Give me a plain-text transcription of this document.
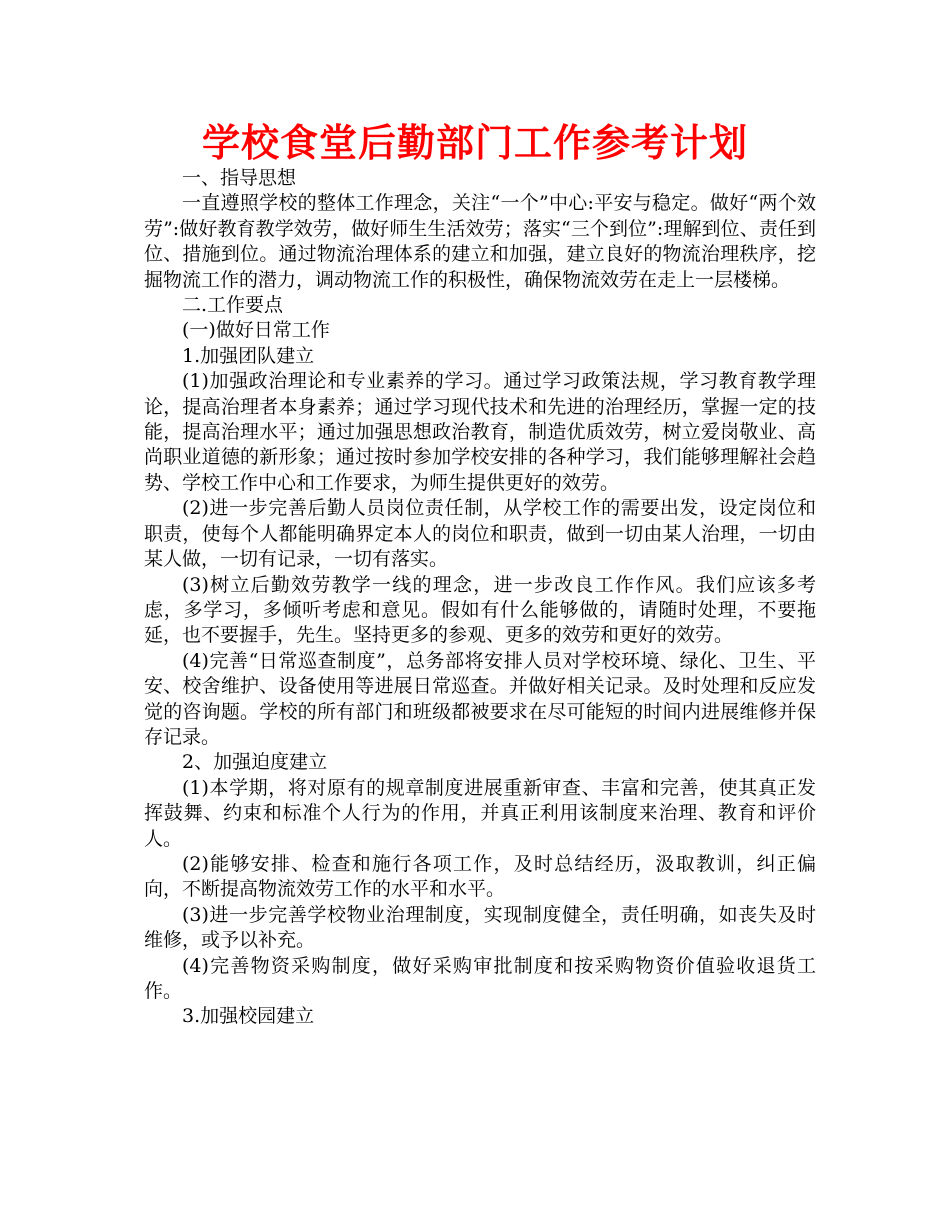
学校食堂后勤部门工作参考计划

一、指导思想

一直遵照学校的整体工作理念，关注“一个”中心:平安与稳定。做好“两个效劳”:做好教育教学效劳，做好师生生活效劳；落实“三个到位”:理解到位、责任到位、措施到位。通过物流治理体系的建立和加强，建立良好的物流治理秩序，挖掘物流工作的潜力，调动物流工作的积极性，确保物流效劳在走上一层楼梯。

二.工作要点

(一)做好日常工作

1.加强团队建立

(1)加强政治理论和专业素养的学习。通过学习政策法规，学习教育教学理论，提高治理者本身素养；通过学习现代技术和先进的治理经历，掌握一定的技能，提高治理水平；通过加强思想政治教育，制造优质效劳，树立爱岗敬业、高尚职业道德的新形象；通过按时参加学校安排的各种学习，我们能够理解社会趋势、学校工作中心和工作要求，为师生提供更好的效劳。

(2)进一步完善后勤人员岗位责任制，从学校工作的需要出发，设定岗位和职责，使每个人都能明确界定本人的岗位和职责，做到一切由某人治理，一切由某人做，一切有记录，一切有落实。

(3)树立后勤效劳教学一线的理念，进一步改良工作作风。我们应该多考虑，多学习，多倾听考虑和意见。假如有什么能够做的，请随时处理，不要拖延，也不要握手，先生。坚持更多的参观、更多的效劳和更好的效劳。

(4)完善“日常巡查制度”，总务部将安排人员对学校环境、绿化、卫生、平安、校舍维护、设备使用等进展日常巡查。并做好相关记录。及时处理和反应发觉的咨询题。学校的所有部门和班级都被要求在尽可能短的时间内进展维修并保存记录。

2、加强迫度建立

(1)本学期，将对原有的规章制度进展重新审查、丰富和完善，使其真正发挥鼓舞、约束和标准个人行为的作用，并真正利用该制度来治理、教育和评价人。

(2)能够安排、检查和施行各项工作，及时总结经历，汲取教训，纠正偏向，不断提高物流效劳工作的水平和水平。

(3)进一步完善学校物业治理制度，实现制度健全，责任明确，如丧失及时维修，或予以补充。

(4)完善物资采购制度，做好采购审批制度和按采购物资价值验收退货工作。

3.加强校园建立
